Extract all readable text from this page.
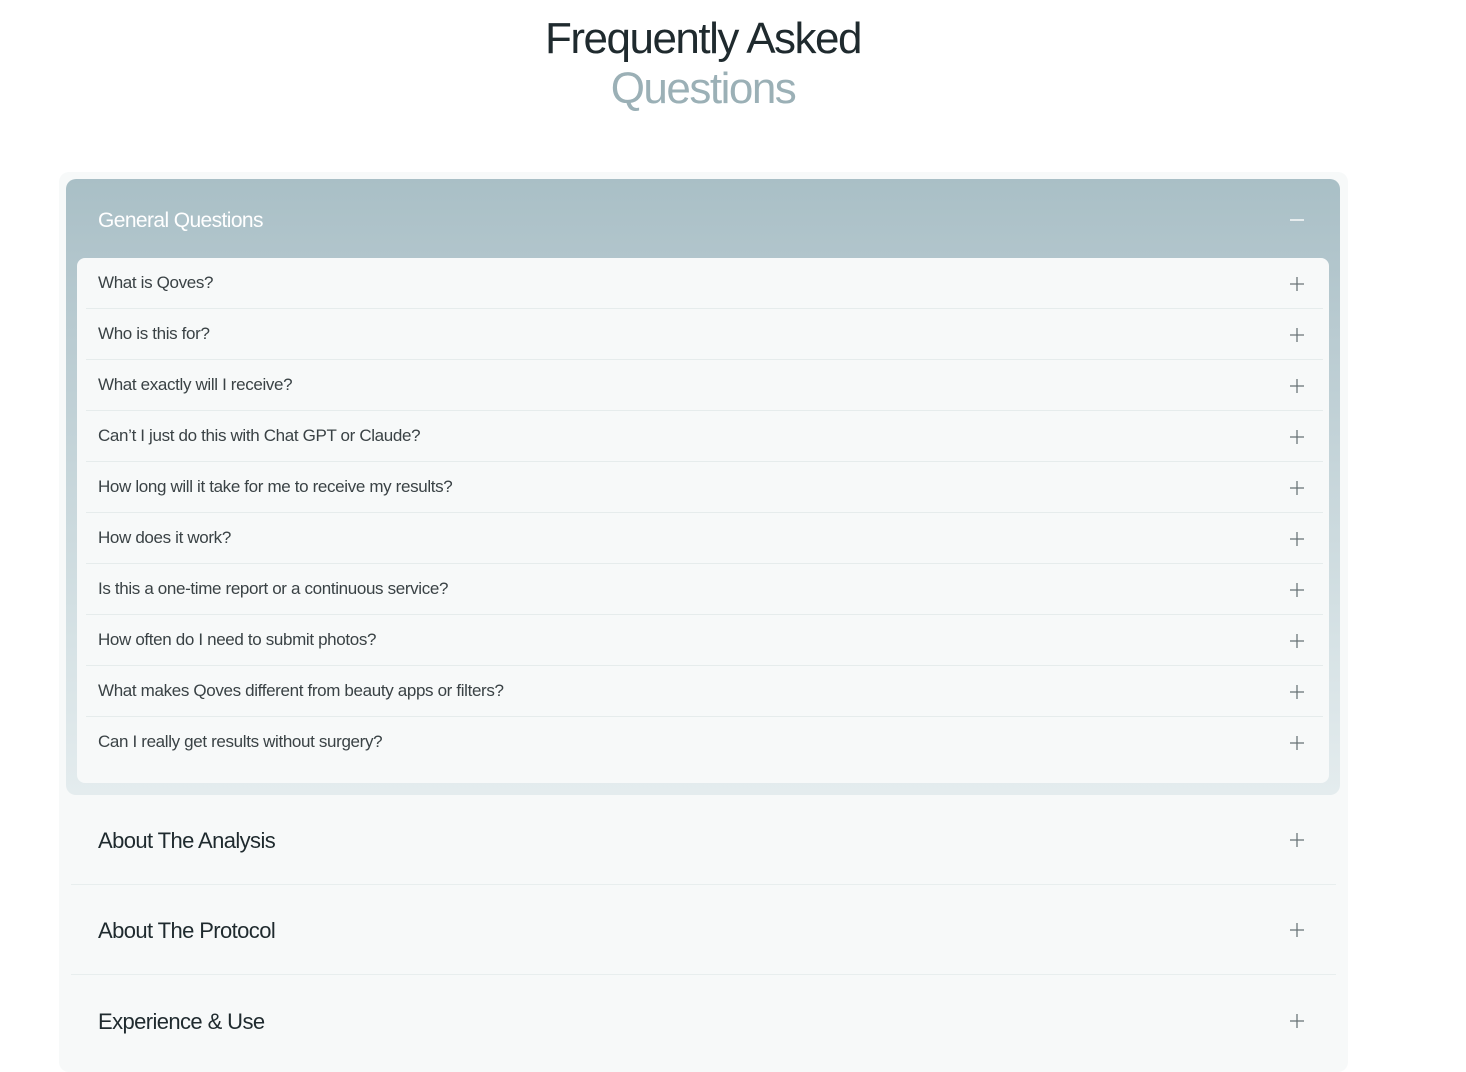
Frequently Asked
Questions
General Questions
What is Qoves?
Who is this for?
What exactly will I receive?
Can’t I just do this with Chat GPT or Claude?
How long will it take for me to receive my results?
How does it work?
Is this a one-time report or a continuous service?
How often do I need to submit photos?
What makes Qoves different from beauty apps or filters?
Can I really get results without surgery?
About The Analysis
About The Protocol
Experience & Use
